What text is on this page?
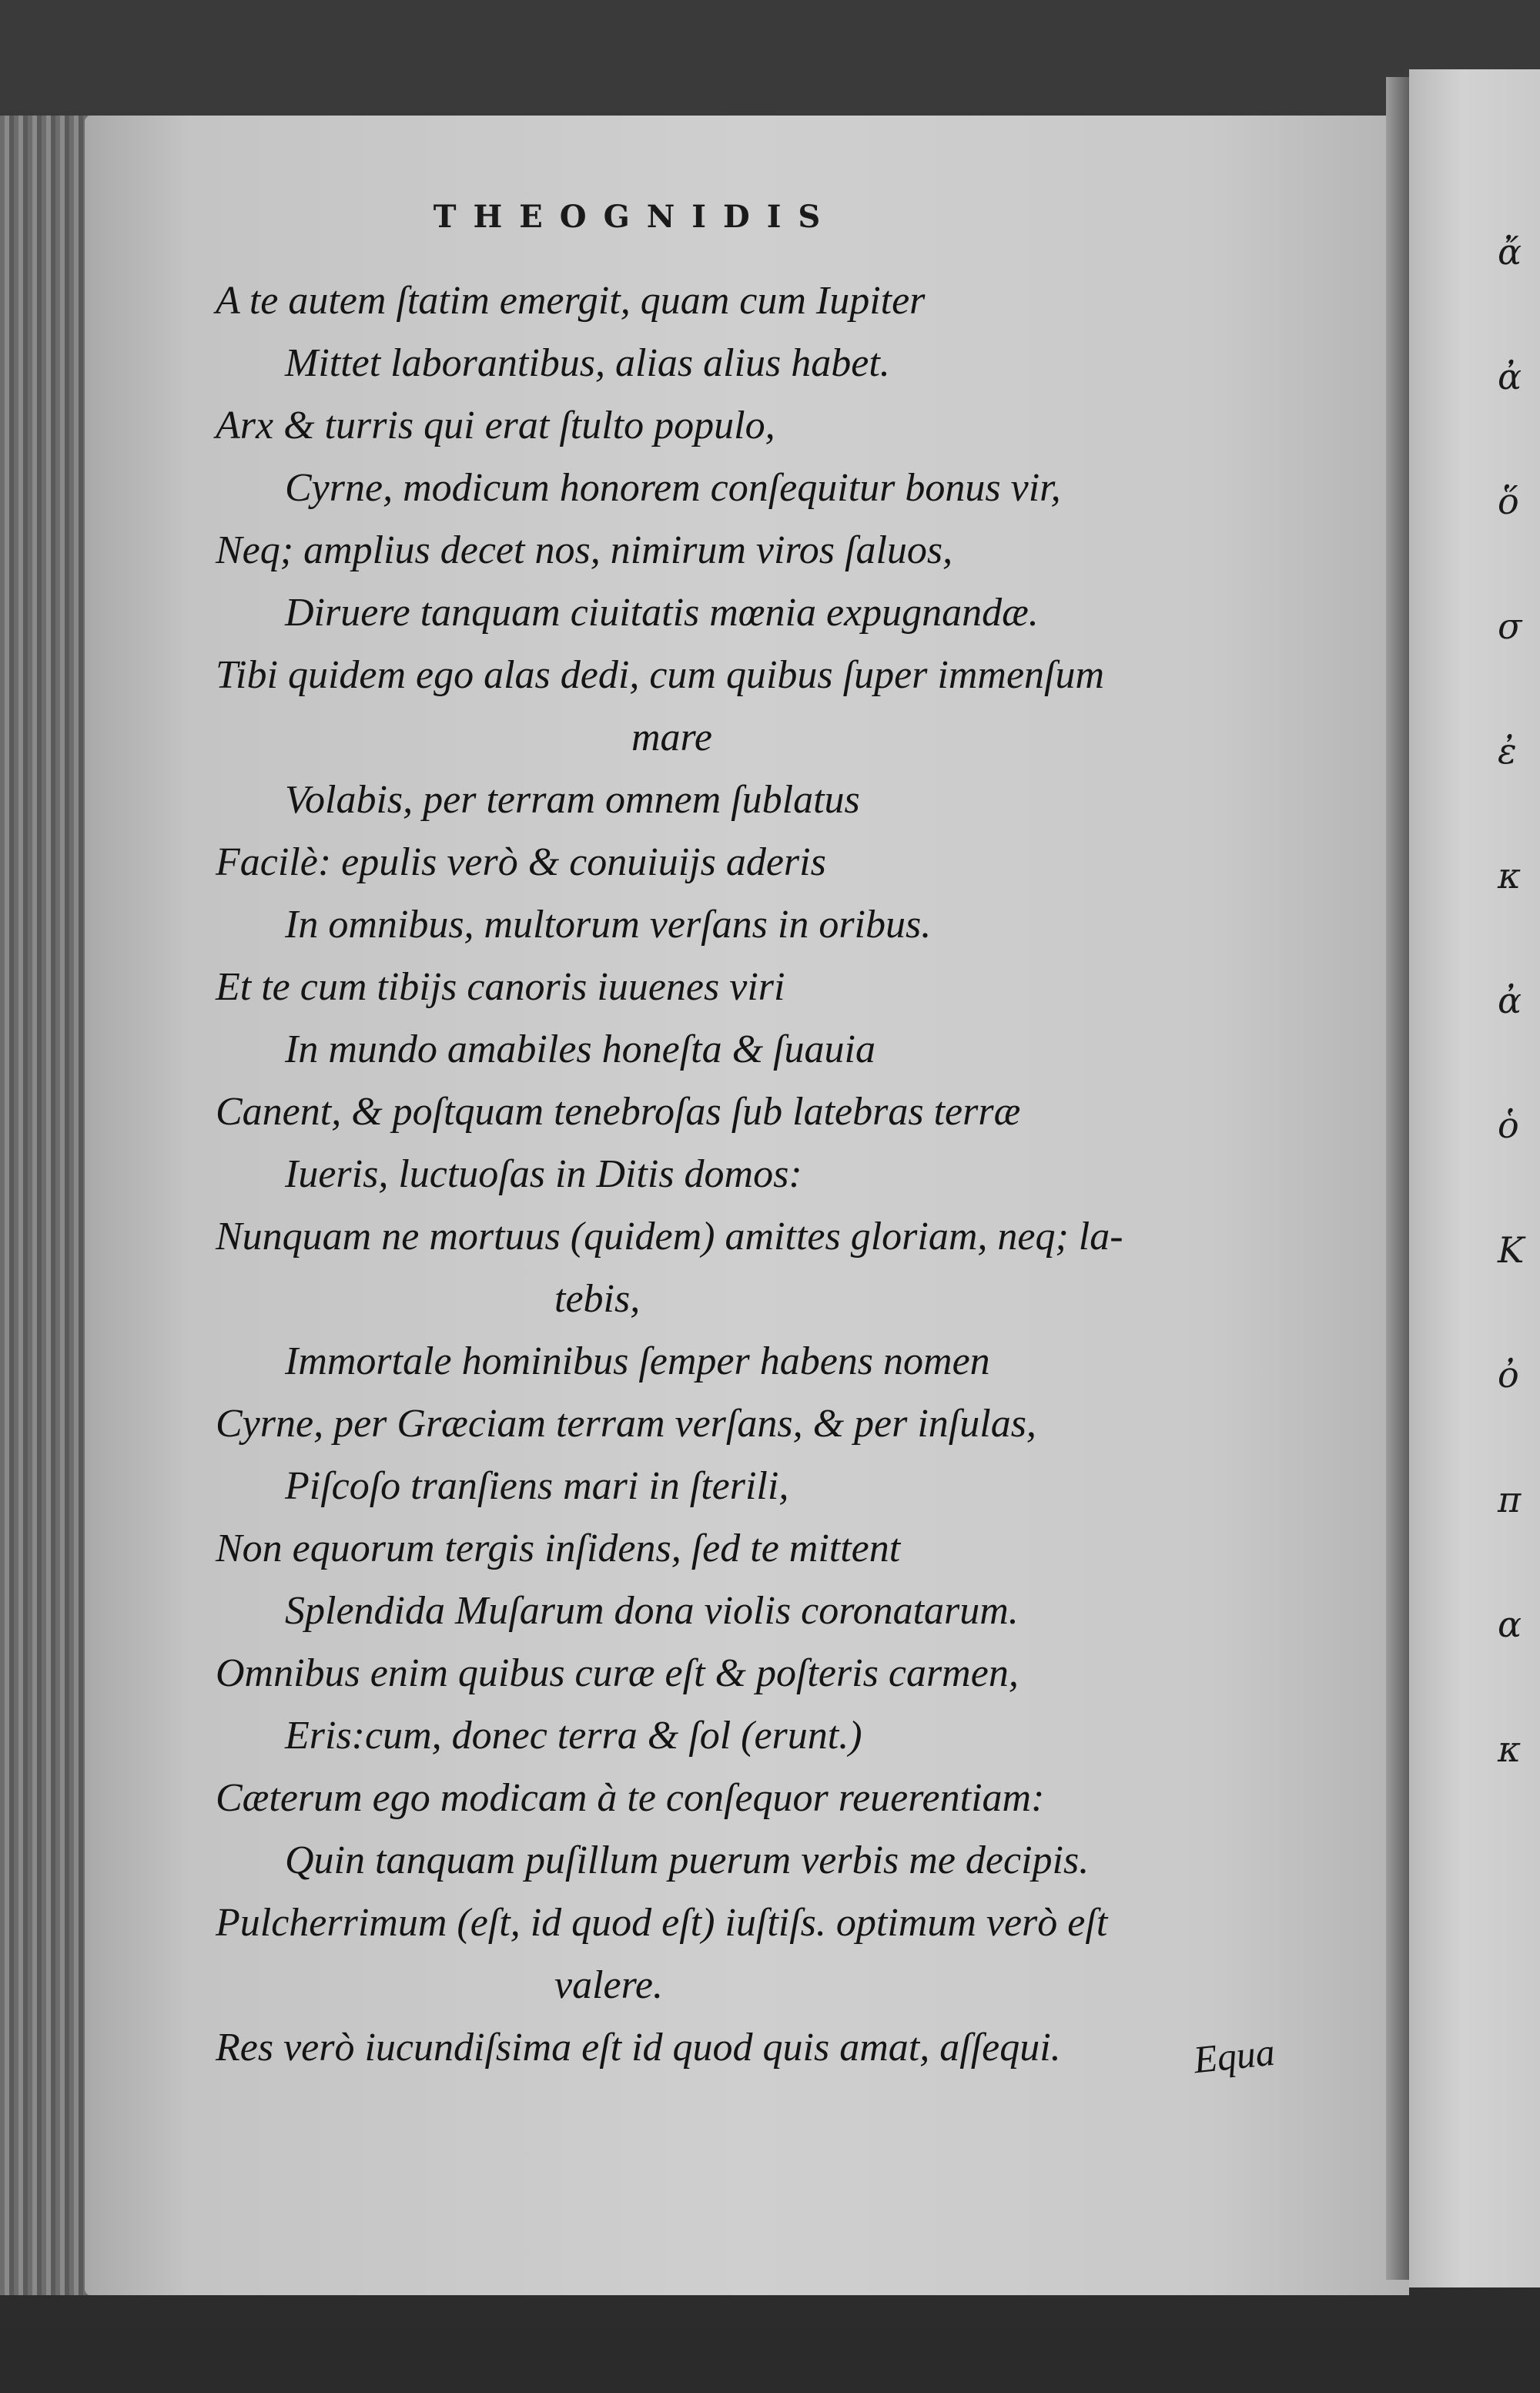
THEOGNIDIS
A te autem ſtatim emergit, quam cum Iupiter
Mittet laborantibus, alias alius habet.
Arx & turris qui erat ſtulto populo,
Cyrne, modicum honorem conſequitur bonus vir,
Neq; amplius decet nos, nimirum viros ſaluos,
Diruere tanquam ciuitatis mœnia expugnandæ.
Tibi quidem ego alas dedi, cum quibus ſuper immenſum
mare
Volabis, per terram omnem ſublatus
Facilè: epulis verò & conuiuijs aderis
In omnibus, multorum verſans in oribus.
Et te cum tibijs canoris iuuenes viri
In mundo amabiles honeſta & ſuauia
Canent, & poſtquam tenebroſas ſub latebras terræ
Iueris, luctuoſas in Ditis domos:
Nunquam ne mortuus (quidem) amittes gloriam, neq; la-
tebis,
Immortale hominibus ſemper habens nomen
Cyrne, per Græciam terram verſans, & per inſulas,
Piſcoſo tranſiens mari in ſterili,
Non equorum tergis inſidens, ſed te mittent
Splendida Muſarum dona violis coronatarum.
Omnibus enim quibus curæ eſt & poſteris carmen,
Eris:cum, donec terra & ſol (erunt.)
Cæterum ego modicam à te conſequor reuerentiam:
Quin tanquam puſillum puerum verbis me decipis.
Pulcherrimum (eſt, id quod eſt) iuſtiſs. optimum verò eſt
valere.
Res verò iucundiſsima eſt id quod quis amat, aſſequi.	Equa
ἄ
ἀ
ὅ
σ
ἐ
κ
ἀ
ὁ
Κ
ὀ
π
α
κ
